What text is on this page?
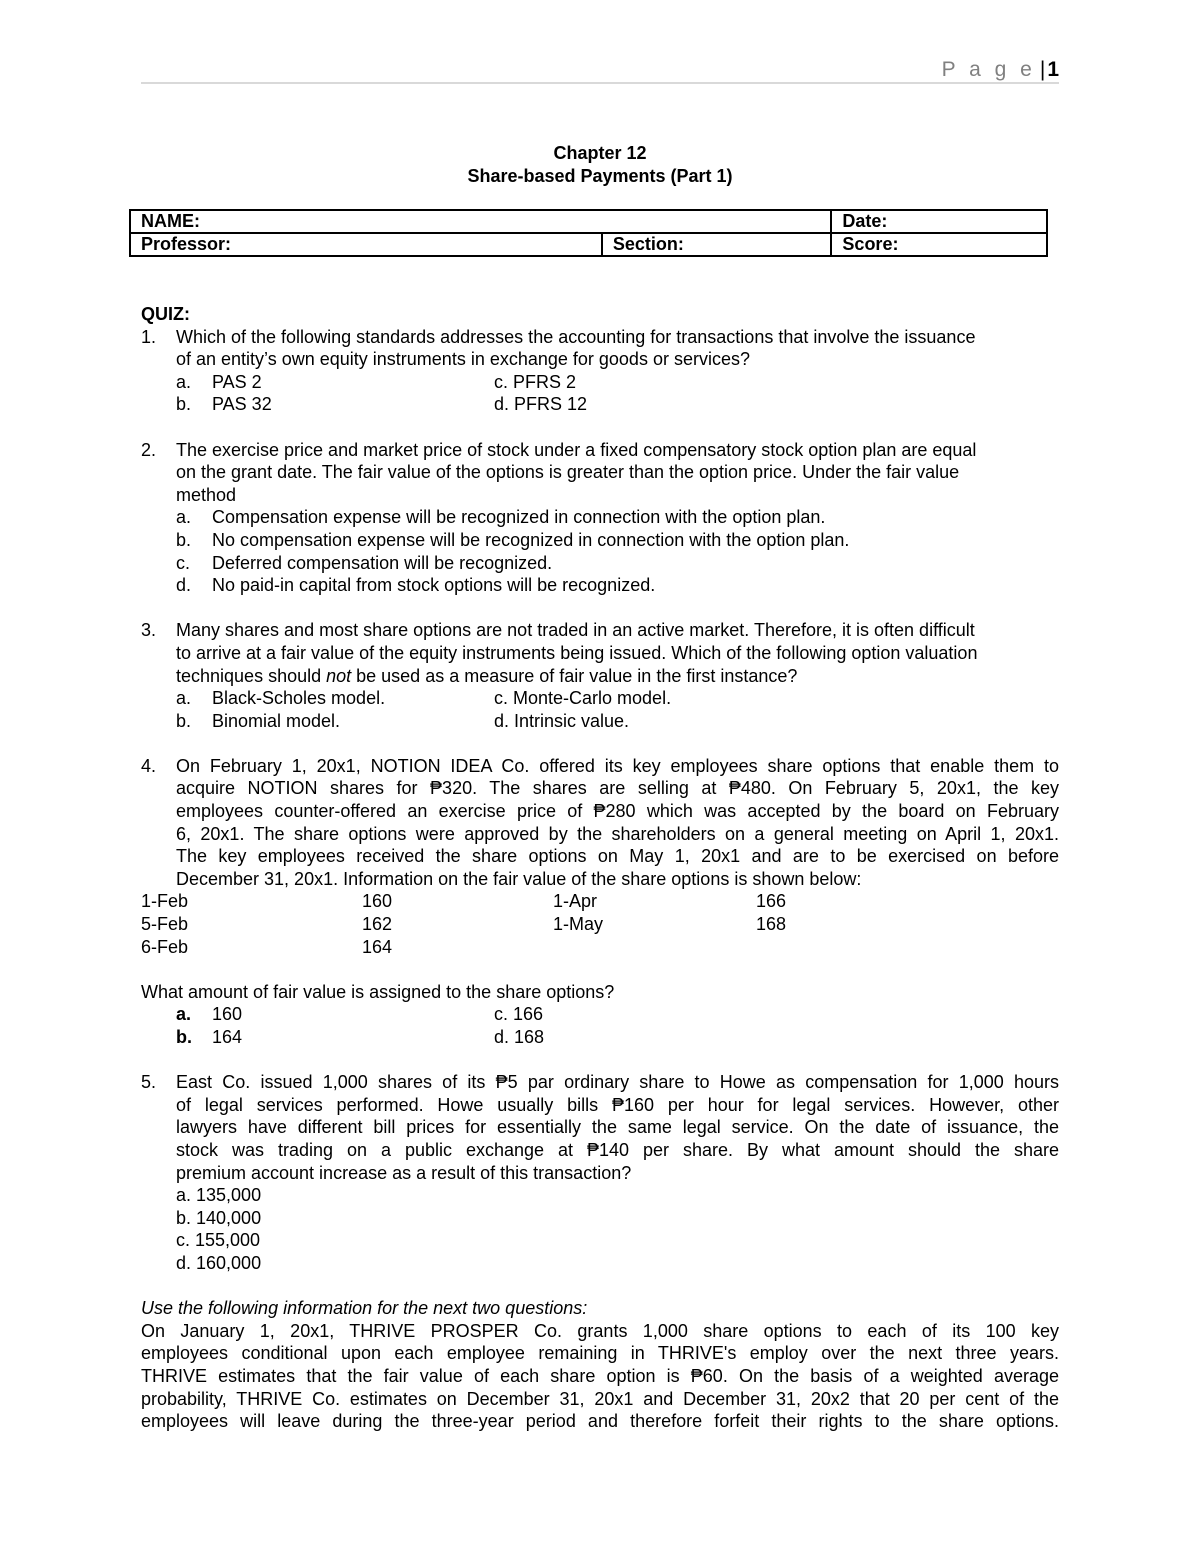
P a g e |1
Chapter 12
Share-based Payments (Part 1)
NAME:		Date:
Professor:	Section:	Score:
QUIZ:
1.	Which of the following standards addresses the accounting for transactions that involve the issuance
of an entity’s own equity instruments in exchange for goods or services?
a. PAS 2	c. PFRS 2
b. PAS 32	d. PFRS 12
2.	The exercise price and market price of stock under a fixed compensatory stock option plan are equal
on the grant date. The fair value of the options is greater than the option price. Under the fair value
method
a.	Compensation expense will be recognized in connection with the option plan.
b.	No compensation expense will be recognized in connection with the option plan.
c.	Deferred compensation will be recognized.
d.	No paid-in capital from stock options will be recognized.
3.	Many shares and most share options are not traded in an active market. Therefore, it is often difficult
to arrive at a fair value of the equity instruments being issued. Which of the following option valuation
techniques should not be used as a measure of fair value in the first instance?
a. Black-Scholes model.	c. Monte-Carlo model.
b. Binomial model.	d. Intrinsic value.
4.	On February 1, 20x1, NOTION IDEA Co. offered its key employees share options that enable them to
acquire NOTION shares for ₱320. The shares are selling at ₱480. On February 5, 20x1, the key
employees counter-offered an exercise price of ₱280 which was accepted by the board on February
6, 20x1. The share options were approved by the shareholders on a general meeting on April 1, 20x1.
The key employees received the share options on May 1, 20x1 and are to be exercised on before
December 31, 20x1. Information on the fair value of the share options is shown below:
1-Feb	160	1-Apr	166
5-Feb	162	1-May	168
6-Feb	164
What amount of fair value is assigned to the share options?
a. 160	c. 166
b. 164	d. 168
5.	East Co. issued 1,000 shares of its ₱5 par ordinary share to Howe as compensation for 1,000 hours
of legal services performed. Howe usually bills ₱160 per hour for legal services. However, other
lawyers have different bill prices for essentially the same legal service. On the date of issuance, the
stock was trading on a public exchange at ₱140 per share. By what amount should the share
premium account increase as a result of this transaction?
a. 135,000
b. 140,000
c. 155,000
d. 160,000
Use the following information for the next two questions:
On January 1, 20x1, THRIVE PROSPER Co. grants 1,000 share options to each of its 100 key
employees conditional upon each employee remaining in THRIVE's employ over the next three years.
THRIVE estimates that the fair value of each share option is ₱60. On the basis of a weighted average
probability, THRIVE Co. estimates on December 31, 20x1 and December 31, 20x2 that 20 per cent of the
employees will leave during the three-year period and therefore forfeit their rights to the share options.
